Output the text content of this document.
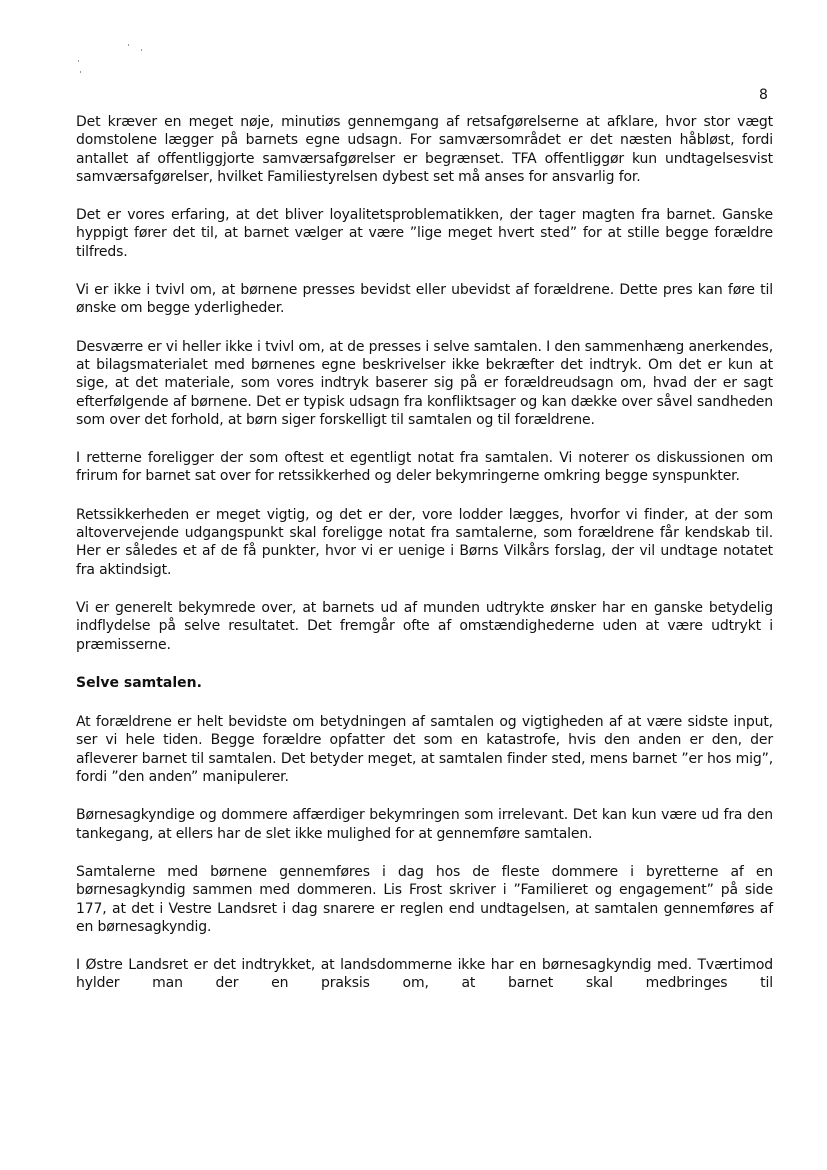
8

Det kræver en meget nøje, minutiøs gennemgang af retsafgørelserne at afklare, hvor stor vægt domstolene lægger på barnets egne udsagn. For samværsområdet er det næsten håbløst, fordi antallet af offentliggjorte samværsafgørelser er begrænset. TFA offentliggør kun undtagelsesvist samværsafgørelser, hvilket Familiestyrelsen dybest set må anses for ansvarlig for.

Det er vores erfaring, at det bliver loyalitetsproblematikken, der tager magten fra barnet. Ganske hyppigt fører det til, at barnet vælger at være ”lige meget hvert sted” for at stille begge forældre tilfreds.

Vi er ikke i tvivl om, at børnene presses bevidst eller ubevidst af forældrene. Dette pres kan føre til ønske om begge yderligheder.

Desværre er vi heller ikke i tvivl om, at de presses i selve samtalen. I den sammenhæng anerkendes, at bilagsmaterialet med børnenes egne beskrivelser ikke bekræfter det indtryk. Om det er kun at sige, at det materiale, som vores indtryk baserer sig på er forældreudsagn om, hvad der er sagt efterfølgende af børnene. Det er typisk udsagn fra konfliktsager og kan dække over såvel sandheden som over det forhold, at børn siger forskelligt til samtalen og til forældrene.

I retterne foreligger der som oftest et egentligt notat fra samtalen. Vi noterer os diskussionen om frirum for barnet sat over for retssikkerhed og deler bekymringerne omkring begge synspunkter.

Retssikkerheden er meget vigtig, og det er der, vore lodder lægges, hvorfor vi finder, at der som altovervejende udgangspunkt skal foreligge notat fra samtalerne, som forældrene får kendskab til. Her er således et af de få punkter, hvor vi er uenige i Børns Vilkårs forslag, der vil undtage notatet fra aktindsigt.

Vi er generelt bekymrede over, at barnets ud af munden udtrykte ønsker har en ganske betydelig indflydelse på selve resultatet. Det fremgår ofte af omstændighederne uden at være udtrykt i præmisserne.

Selve samtalen.

At forældrene er helt bevidste om betydningen af samtalen og vigtigheden af at være sidste input, ser vi hele tiden. Begge forældre opfatter det som en katastrofe, hvis den anden er den, der afleverer barnet til samtalen. Det betyder meget, at samtalen finder sted, mens barnet ”er hos mig”, fordi ”den anden” manipulerer.

Børnesagkyndige og dommere affærdiger bekymringen som irrelevant. Det kan kun være ud fra den tankegang, at ellers har de slet ikke mulighed for at gennemføre samtalen.

Samtalerne med børnene gennemføres i dag hos de fleste dommere i byretterne af en børnesagkyndig sammen med dommeren. Lis Frost skriver i ”Familieret og engagement” på side 177, at det i Vestre Landsret i dag snarere er reglen end undtagelsen, at samtalen gennemføres af en børnesagkyndig.

I Østre Landsret er det indtrykket, at landsdommerne ikke har en børnesagkyndig med. Tværtimod hylder man der en praksis om, at barnet skal medbringes til
